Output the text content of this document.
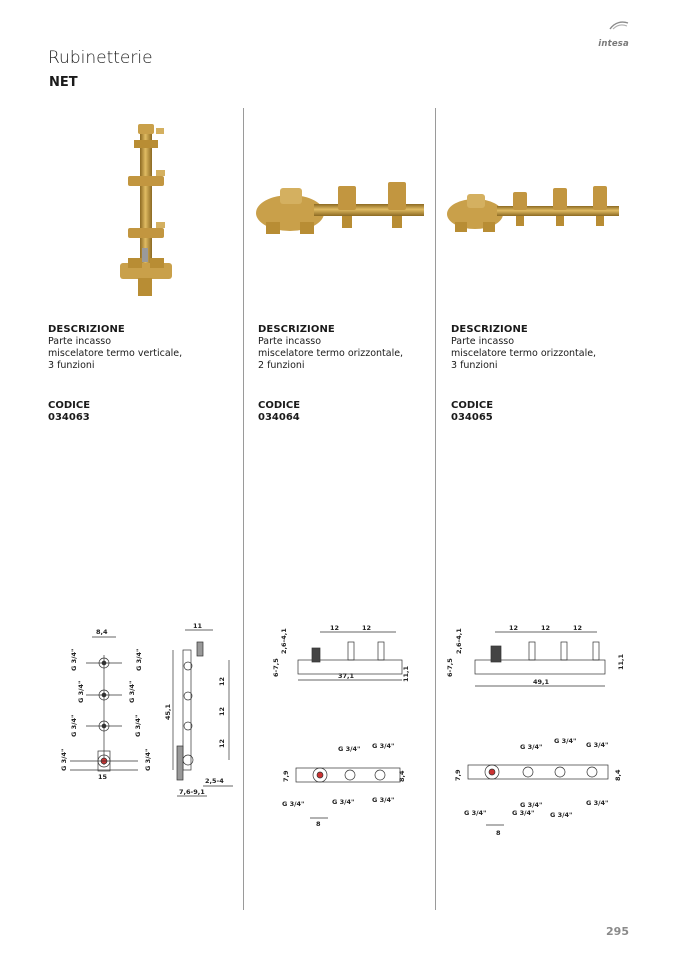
intesa
Rubinetterie
NET
DESCRIZIONE
Parte incasso
miscelatore termo verticale,
3 funzioni
CODICE
034063
DESCRIZIONE
Parte incasso
miscelatore termo orizzontale,
2 funzioni
CODICE
034064
DESCRIZIONE
Parte incasso
miscelatore termo orizzontale,
3 funzioni
CODICE
034065
8,4
15
G 3/4"	G 3/4"
G 3/4"	G 3/4"
G 3/4"	G 3/4"
G 3/4"	G 3/4"
11
45,1
12
12
12
2,5-4
7,6-9,1
2,6-4,1
12	12
6-7,5	11,1
37,1
G 3/4" G 3/4"
7,9	8,4
G 3/4"	G 3/4"	G 3/4"
8
2,6-4,1
12	12	12
6-7,5	11,1
49,1
G 3/4"
G 3/4" G 3/4"
7,9	8,4
G 3/4"	G 3/4"
G 3/4"	G 3/4"
G 3/4"
8
295
